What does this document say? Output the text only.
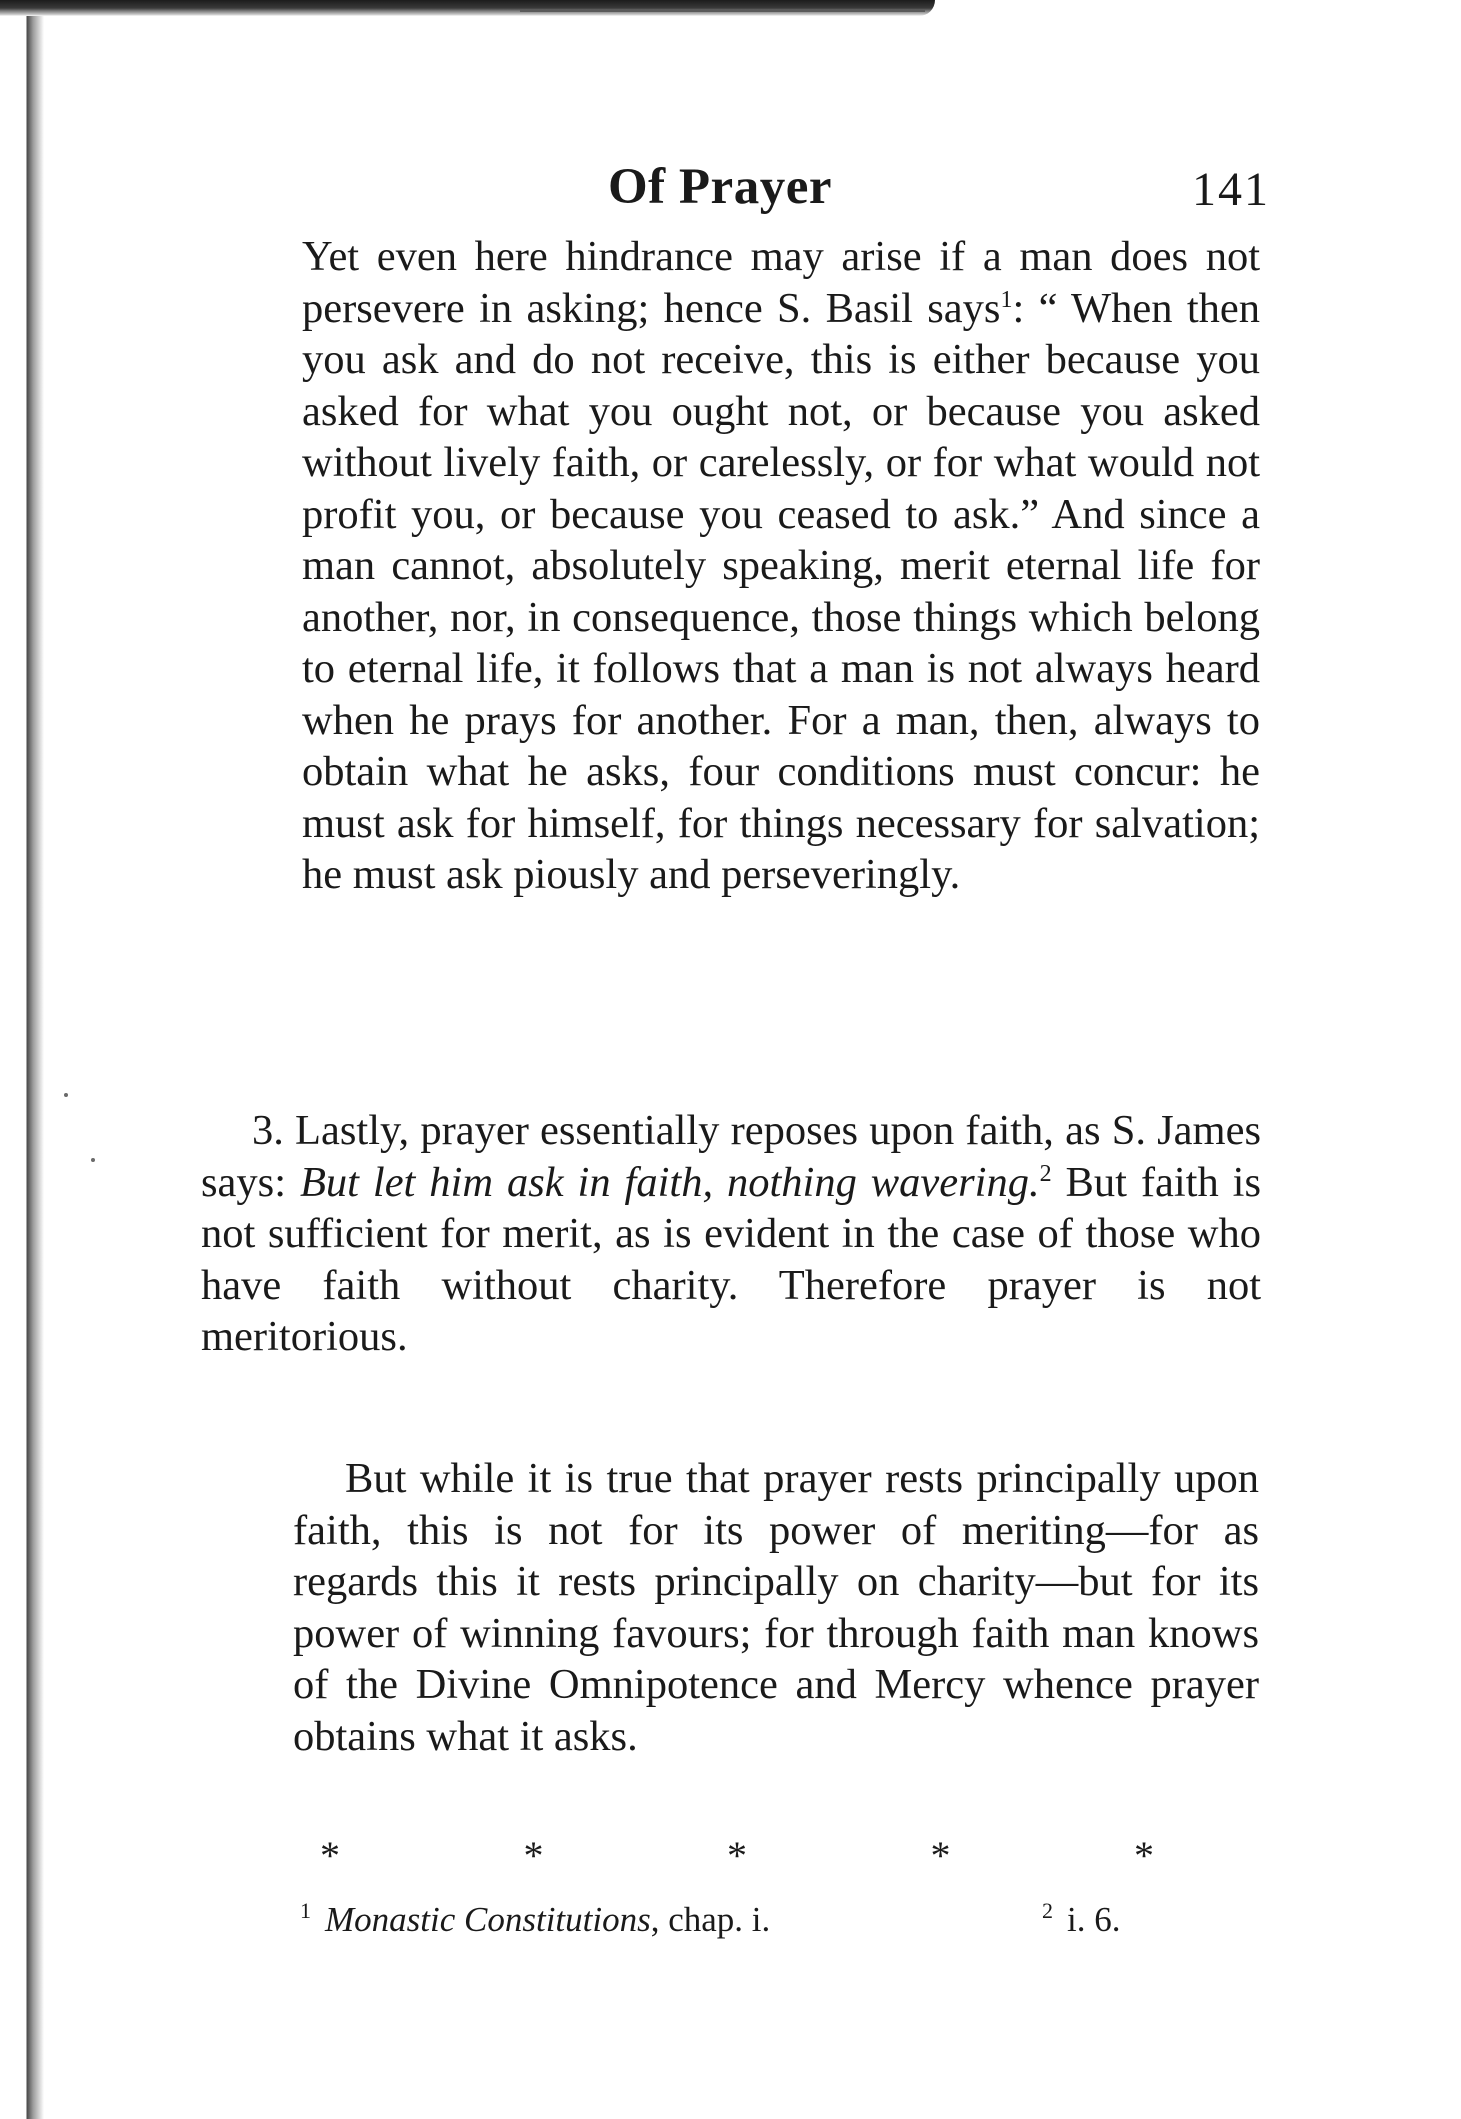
Of Prayer	141

Yet even here hindrance may arise if a man does not persevere in asking; hence S. Basil says$^1$: “ When then you ask and do not receive, this is either because you asked for what you ought not, or because you asked without lively faith, or carelessly, or for what would not profit you, or because you ceased to ask.” And since a man cannot, absolutely speaking, merit eternal life for another, nor, in consequence, those things which belong to eternal life, it follows that a man is not always heard when he prays for another. For a man, then, always to obtain what he asks, four conditions must concur: he must ask for himself, for things necessary for salvation; he must ask piously and perseveringly.

3. Lastly, prayer essentially reposes upon faith, as S. James says: But let him ask in faith, nothing wavering.$^2$ But faith is not sufficient for merit, as is evident in the case of those who have faith without charity. Therefore prayer is not meritorious.

But while it is true that prayer rests principally upon faith, this is not for its power of meriting—for as regards this it rests principally on charity—but for its power of winning favours; for through faith man knows of the Divine Omnipotence and Mercy whence prayer obtains what it asks.

*	*	*	*	*
$^1$ Monastic Constitutions, chap. i.	$^2$ i. 6.
